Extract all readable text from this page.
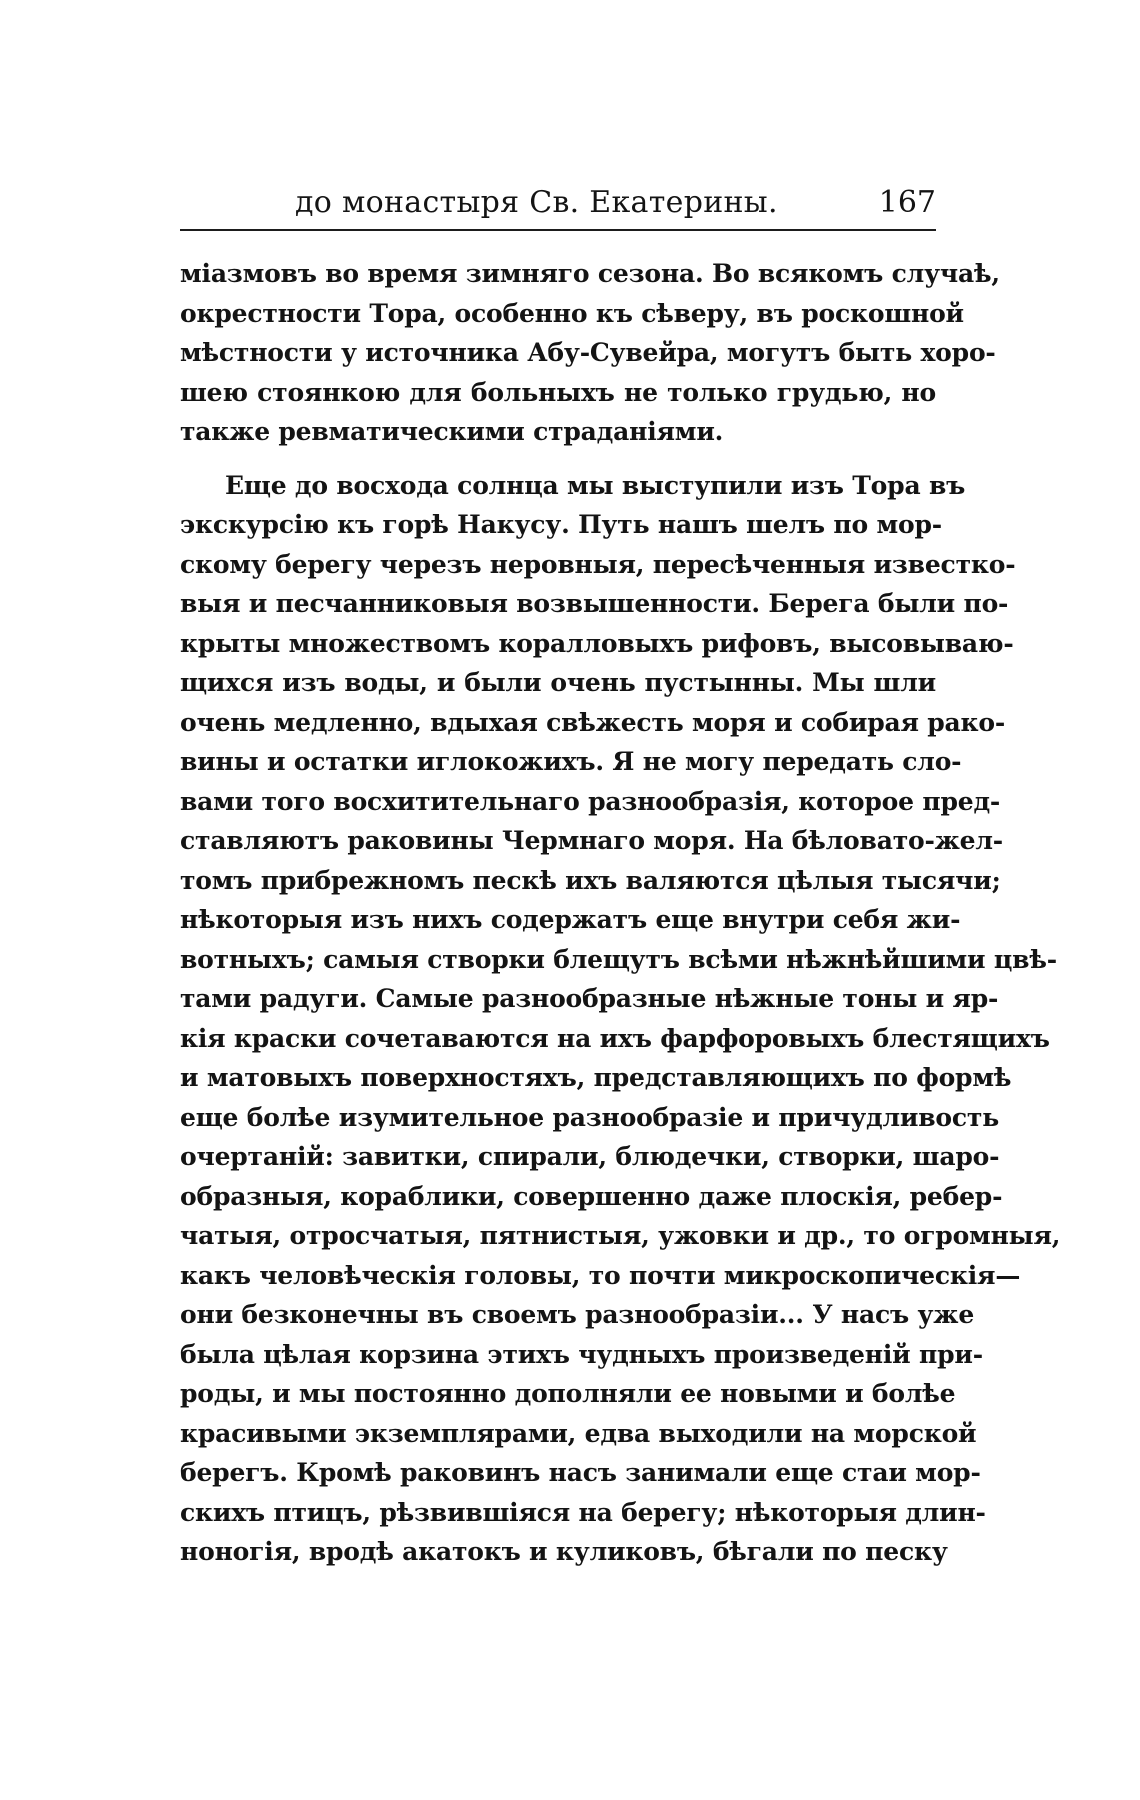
до монастыря Св. Екатерины.	167
міазмовъ во время зимняго сезона. Во всякомъ случаѣ,
окрестности Тора, особенно къ сѣверу, въ роскошной
мѣстности у источника Абу-Сувейра, могутъ быть хоро-
шею стоянкою для больныхъ не только грудью, но
также ревматическими страданіями.
Еще до восхода солнца мы выступили изъ Тора въ
экскурсію къ горѣ Накусу. Путь нашъ шелъ по мор-
скому берегу черезъ неровныя, пересѣченныя известко-
выя и песчанниковыя возвышенности. Берега были по-
крыты множествомъ коралловыхъ рифовъ, высовываю-
щихся изъ воды, и были очень пустынны. Мы шли
очень медленно, вдыхая свѣжесть моря и собирая рако-
вины и остатки иглокожихъ. Я не могу передать сло-
вами того восхитительнаго разнообразія, которое пред-
ставляютъ раковины Чермнаго моря. На бѣловато-жел-
томъ прибрежномъ пескѣ ихъ валяются цѣлыя тысячи;
нѣкоторыя изъ нихъ содержатъ еще внутри себя жи-
вотныхъ; самыя створки блещутъ всѣми нѣжнѣйшими цвѣ-
тами радуги. Самые разнообразные нѣжные тоны и яр-
кія краски сочетаваются на ихъ фарфоровыхъ блестящихъ
и матовыхъ поверхностяхъ, представляющихъ по формѣ
еще болѣе изумительное разнообразіе и причудливость
очертаній: завитки, спирали, блюдечки, створки, шаро-
образныя, кораблики, совершенно даже плоскія, ребер-
чатыя, отросчатыя, пятнистыя, ужовки и др., то огромныя,
какъ человѣческія головы, то почти микроскопическія—
они безконечны въ своемъ разнообразіи... У насъ уже
была цѣлая корзина этихъ чудныхъ произведеній при-
роды, и мы постоянно дополняли ее новыми и болѣе
красивыми экземплярами, едва выходили на морской
берегъ. Кромѣ раковинъ насъ занимали еще стаи мор-
скихъ птицъ, рѣзвившіяся на берегу; нѣкоторыя длин-
ноногія, вродѣ акатокъ и куликовъ, бѣгали по песку
